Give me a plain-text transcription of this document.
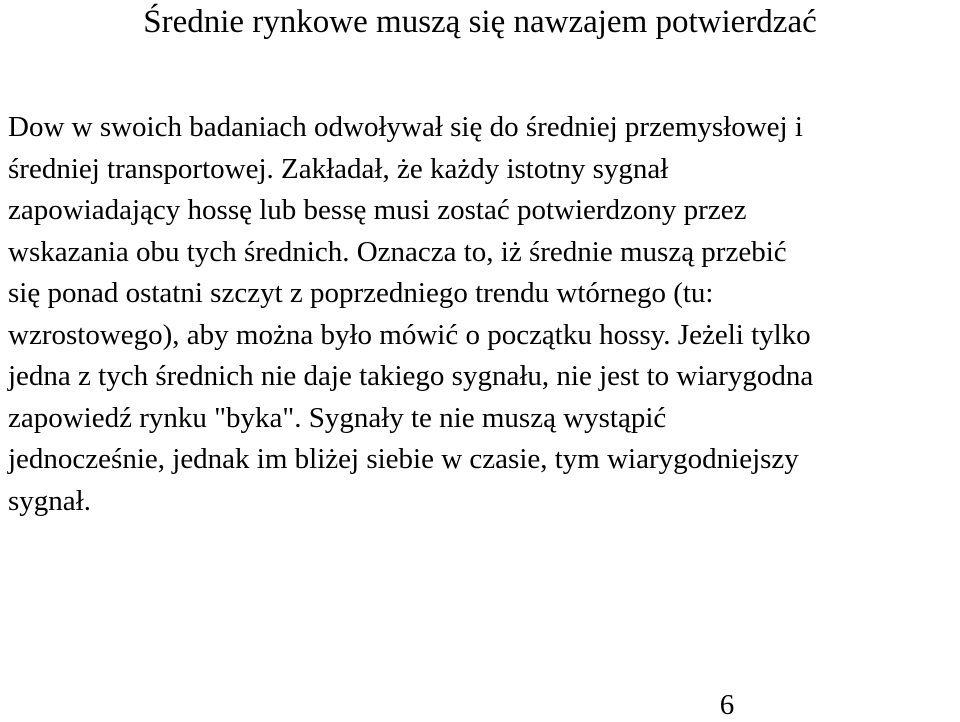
Średnie rynkowe muszą się nawzajem potwierdzać

Dow w swoich badaniach odwoływał się do średniej przemysłowej i
średniej transportowej. Zakładał, że każdy istotny sygnał
zapowiadający hossę lub bessę musi zostać potwierdzony przez
wskazania obu tych średnich. Oznacza to, iż średnie muszą przebić
się ponad ostatni szczyt z poprzedniego trendu wtórnego (tu:
wzrostowego), aby można było mówić o początku hossy. Jeżeli tylko
jedna z tych średnich nie daje takiego sygnału, nie jest to wiarygodna
zapowiedź rynku "byka". Sygnały te nie muszą wystąpić
jednocześnie, jednak im bliżej siebie w czasie, tym wiarygodniejszy
sygnał.

6
